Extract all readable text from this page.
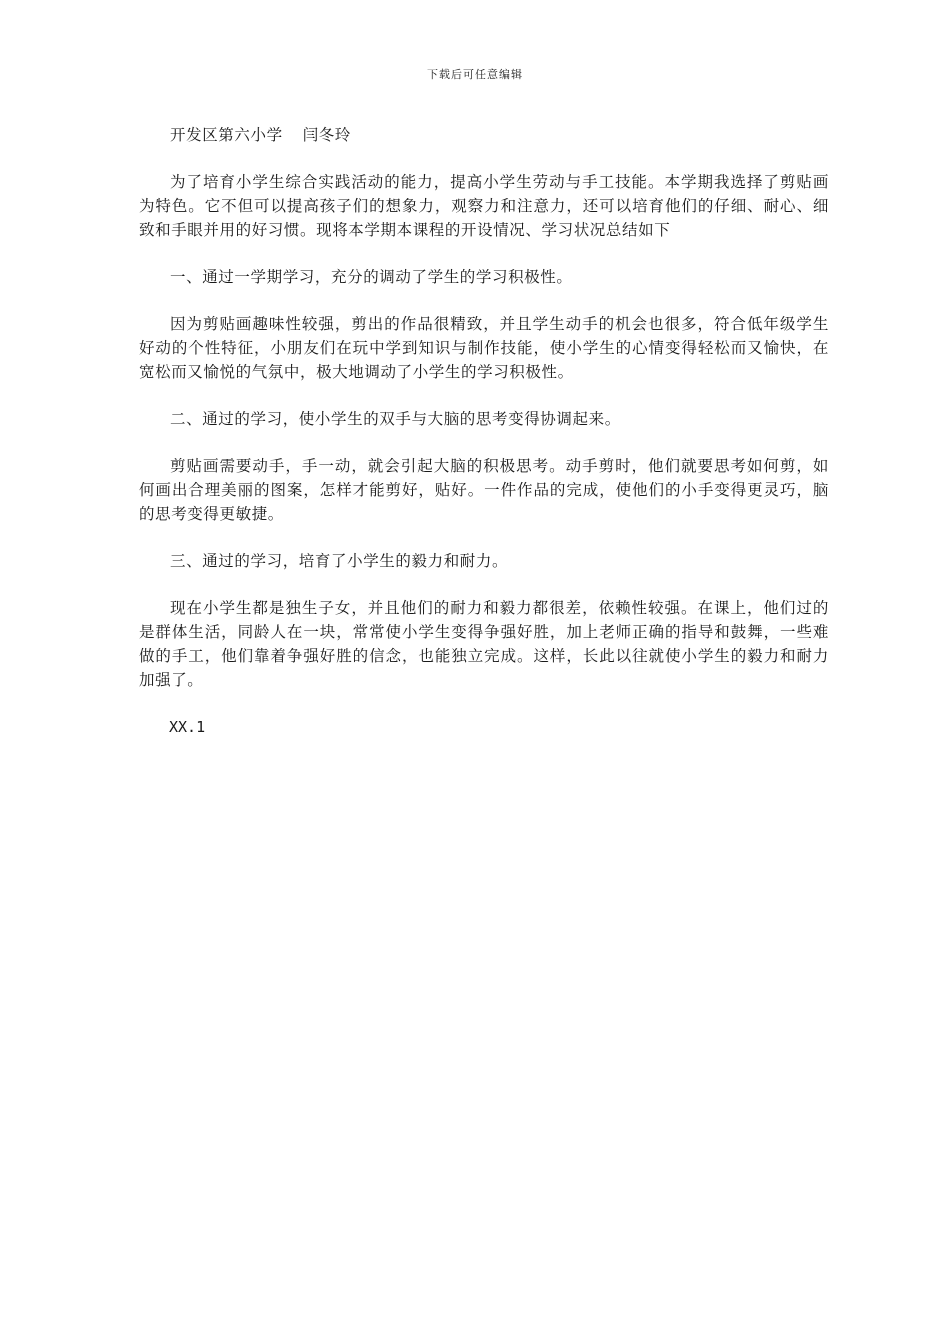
下载后可任意编辑

开发区第六小学 闫冬玲

为了培育小学生综合实践活动的能力，提高小学生劳动与手工技能。本学期我选择了剪贴画为特色。它不但可以提高孩子们的想象力，观察力和注意力，还可以培育他们的仔细、耐心、细致和手眼并用的好习惯。现将本学期本课程的开设情况、学习状况总结如下

一、通过一学期学习，充分的调动了学生的学习积极性。

因为剪贴画趣味性较强，剪出的作品很精致，并且学生动手的机会也很多，符合低年级学生好动的个性特征，小朋友们在玩中学到知识与制作技能，使小学生的心情变得轻松而又愉快，在宽松而又愉悦的气氛中，极大地调动了小学生的学习积极性。

二、通过的学习，使小学生的双手与大脑的思考变得协调起来。

剪贴画需要动手，手一动，就会引起大脑的积极思考。动手剪时，他们就要思考如何剪，如何画出合理美丽的图案，怎样才能剪好，贴好。一件作品的完成，使他们的小手变得更灵巧，脑的思考变得更敏捷。

三、通过的学习，培育了小学生的毅力和耐力。

现在小学生都是独生子女，并且他们的耐力和毅力都很差，依赖性较强。在课上，他们过的是群体生活，同龄人在一块，常常使小学生变得争强好胜，加上老师正确的指导和鼓舞，一些难做的手工，他们靠着争强好胜的信念，也能独立完成。这样，长此以往就使小学生的毅力和耐力加强了。

XX.1
